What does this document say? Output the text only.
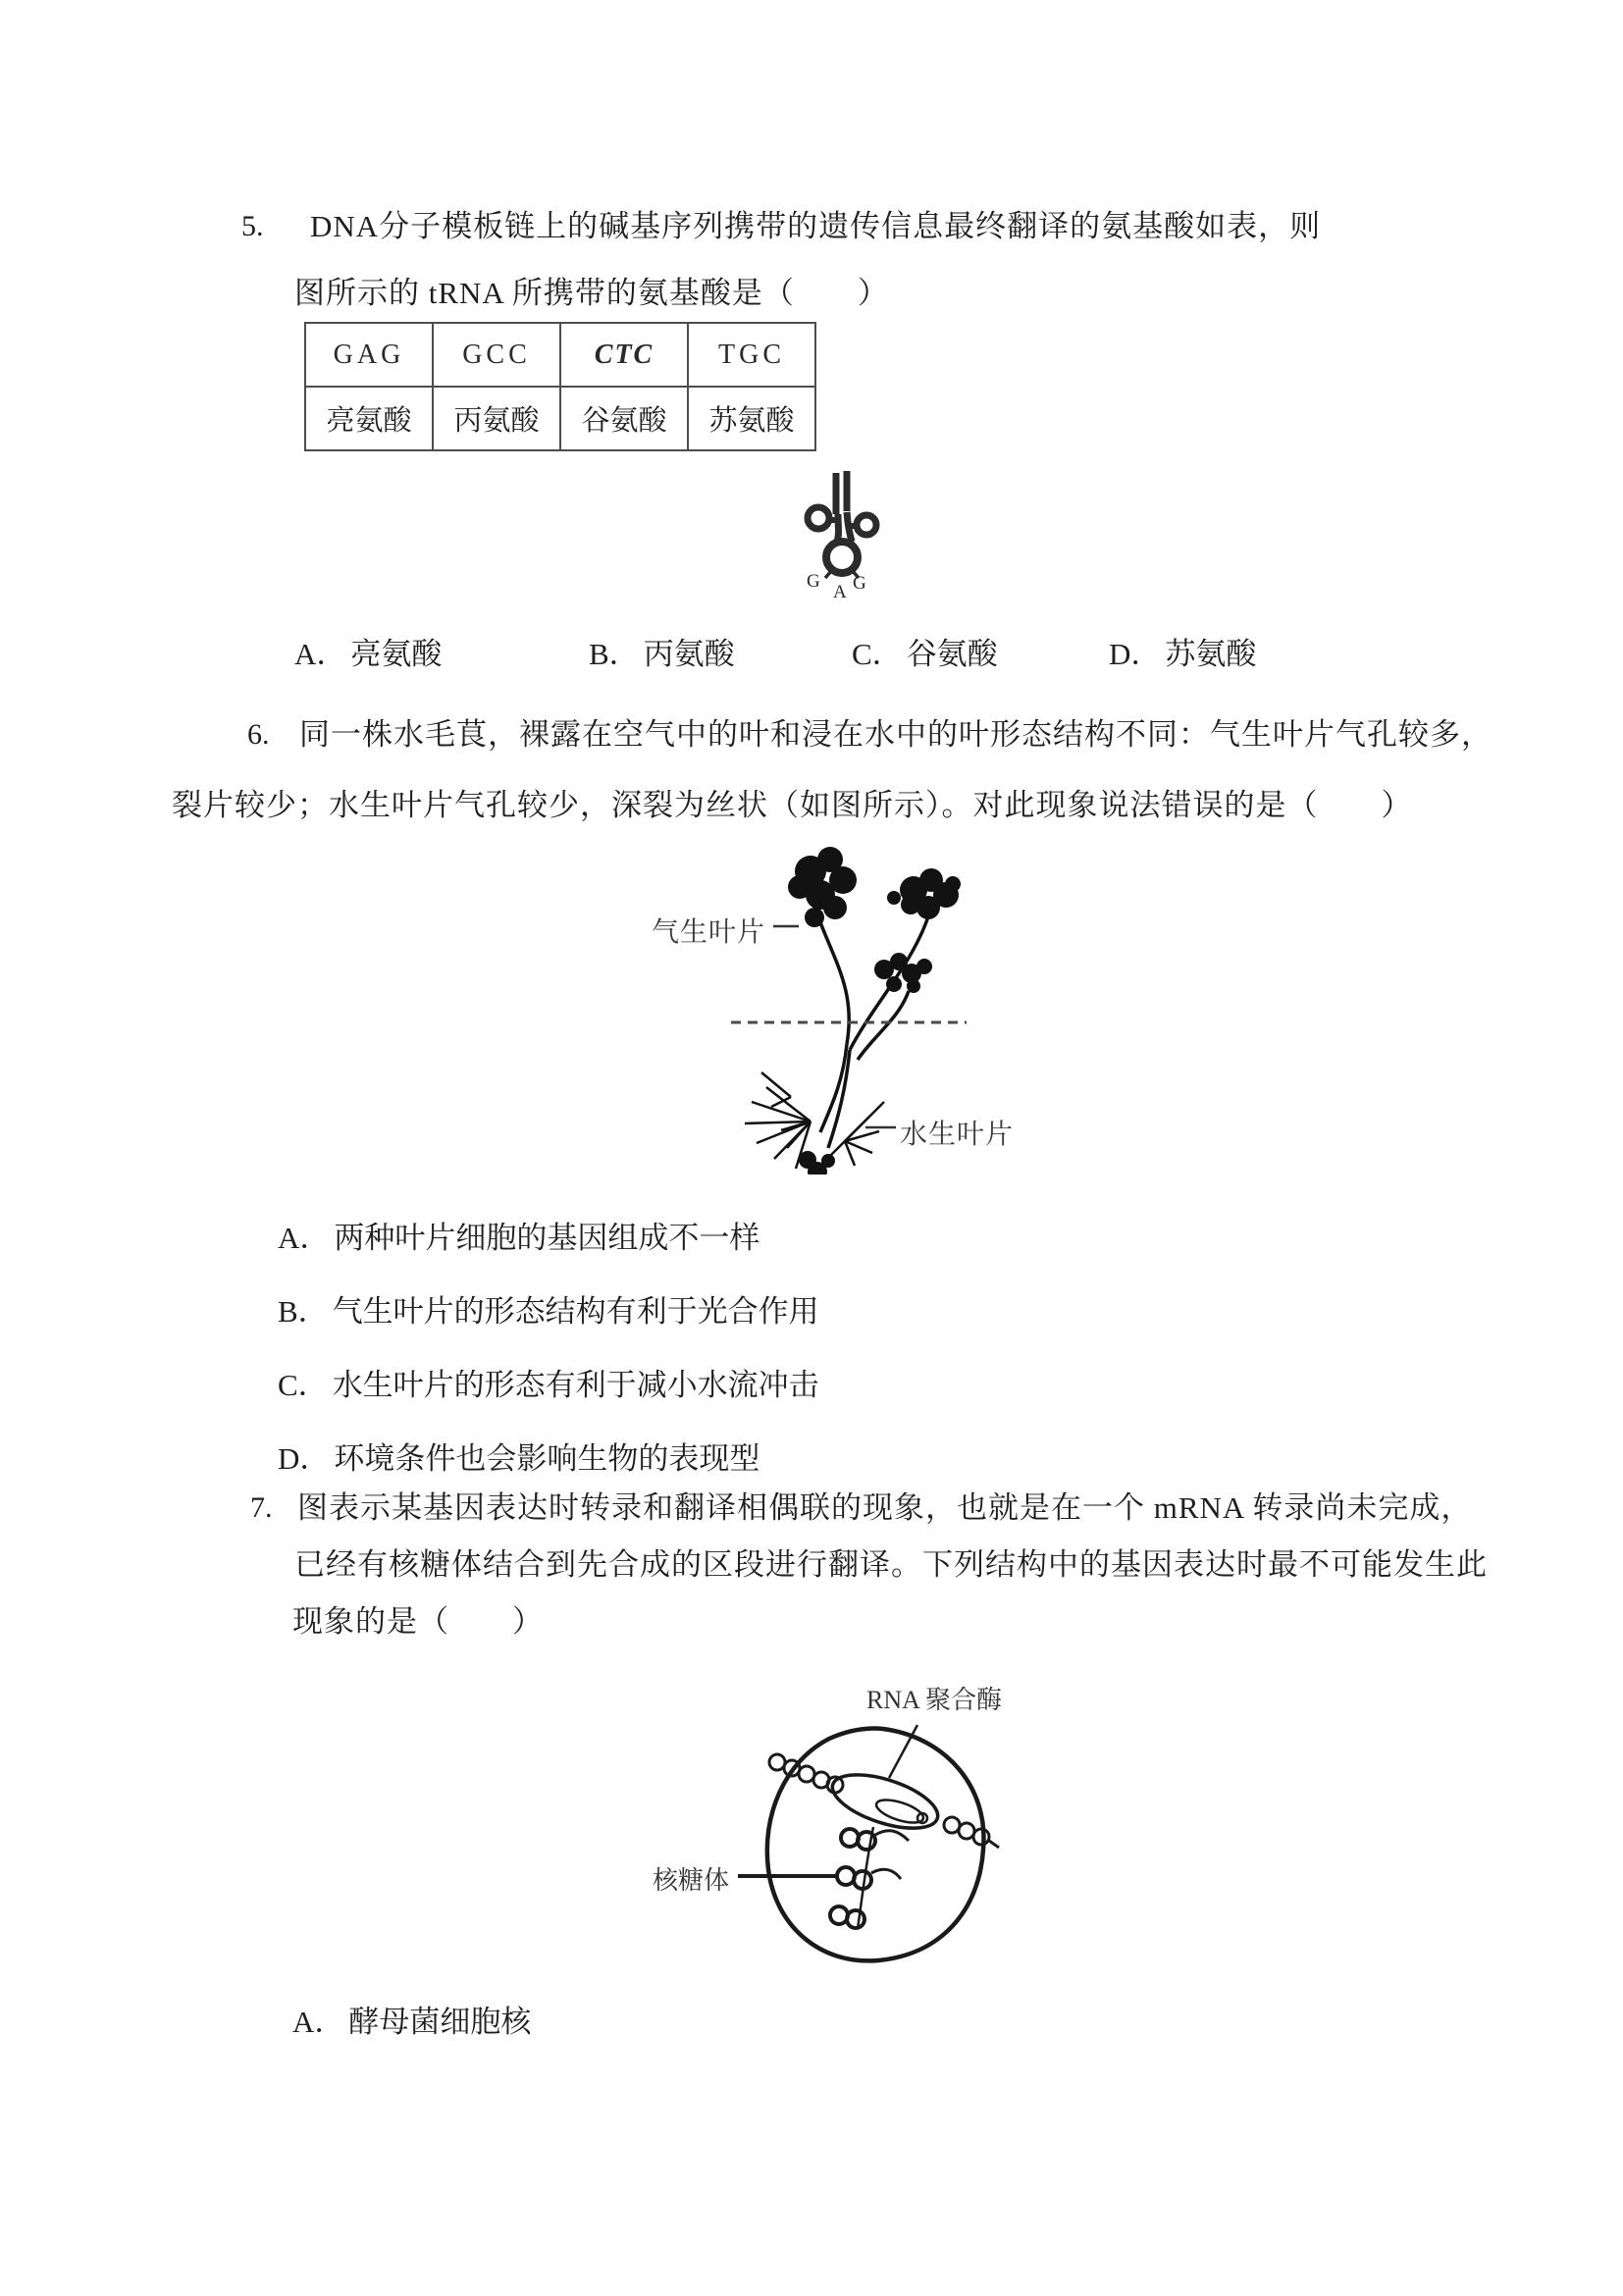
5. DNA分子模板链上的碱基序列携带的遗传信息最终翻译的氨基酸如表，则
图所示的 tRNA 所携带的氨基酸是（　　）
GAG	GCC	CTC	TGC
亮氨酸	丙氨酸	谷氨酸	苏氨酸
G
A G
A． 亮氨酸	B． 丙氨酸	C． 谷氨酸	D． 苏氨酸
6. 同一株水毛茛，裸露在空气中的叶和浸在水中的叶形态结构不同：气生叶片气孔较多，
裂片较少；水生叶片气孔较少，深裂为丝状（如图所示）。对此现象说法错误的是（　　）
气生叶片
水生叶片
A． 两种叶片细胞的基因组成不一样
B． 气生叶片的形态结构有利于光合作用
C． 水生叶片的形态有利于减小水流冲击
D． 环境条件也会影响生物的表现型
7. 图表示某基因表达时转录和翻译相偶联的现象，也就是在一个 mRNA 转录尚未完成，
已经有核糖体结合到先合成的区段进行翻译。下列结构中的基因表达时最不可能发生此
现象的是（　　）
RNA 聚合酶
核糖体
A． 酵母菌细胞核
